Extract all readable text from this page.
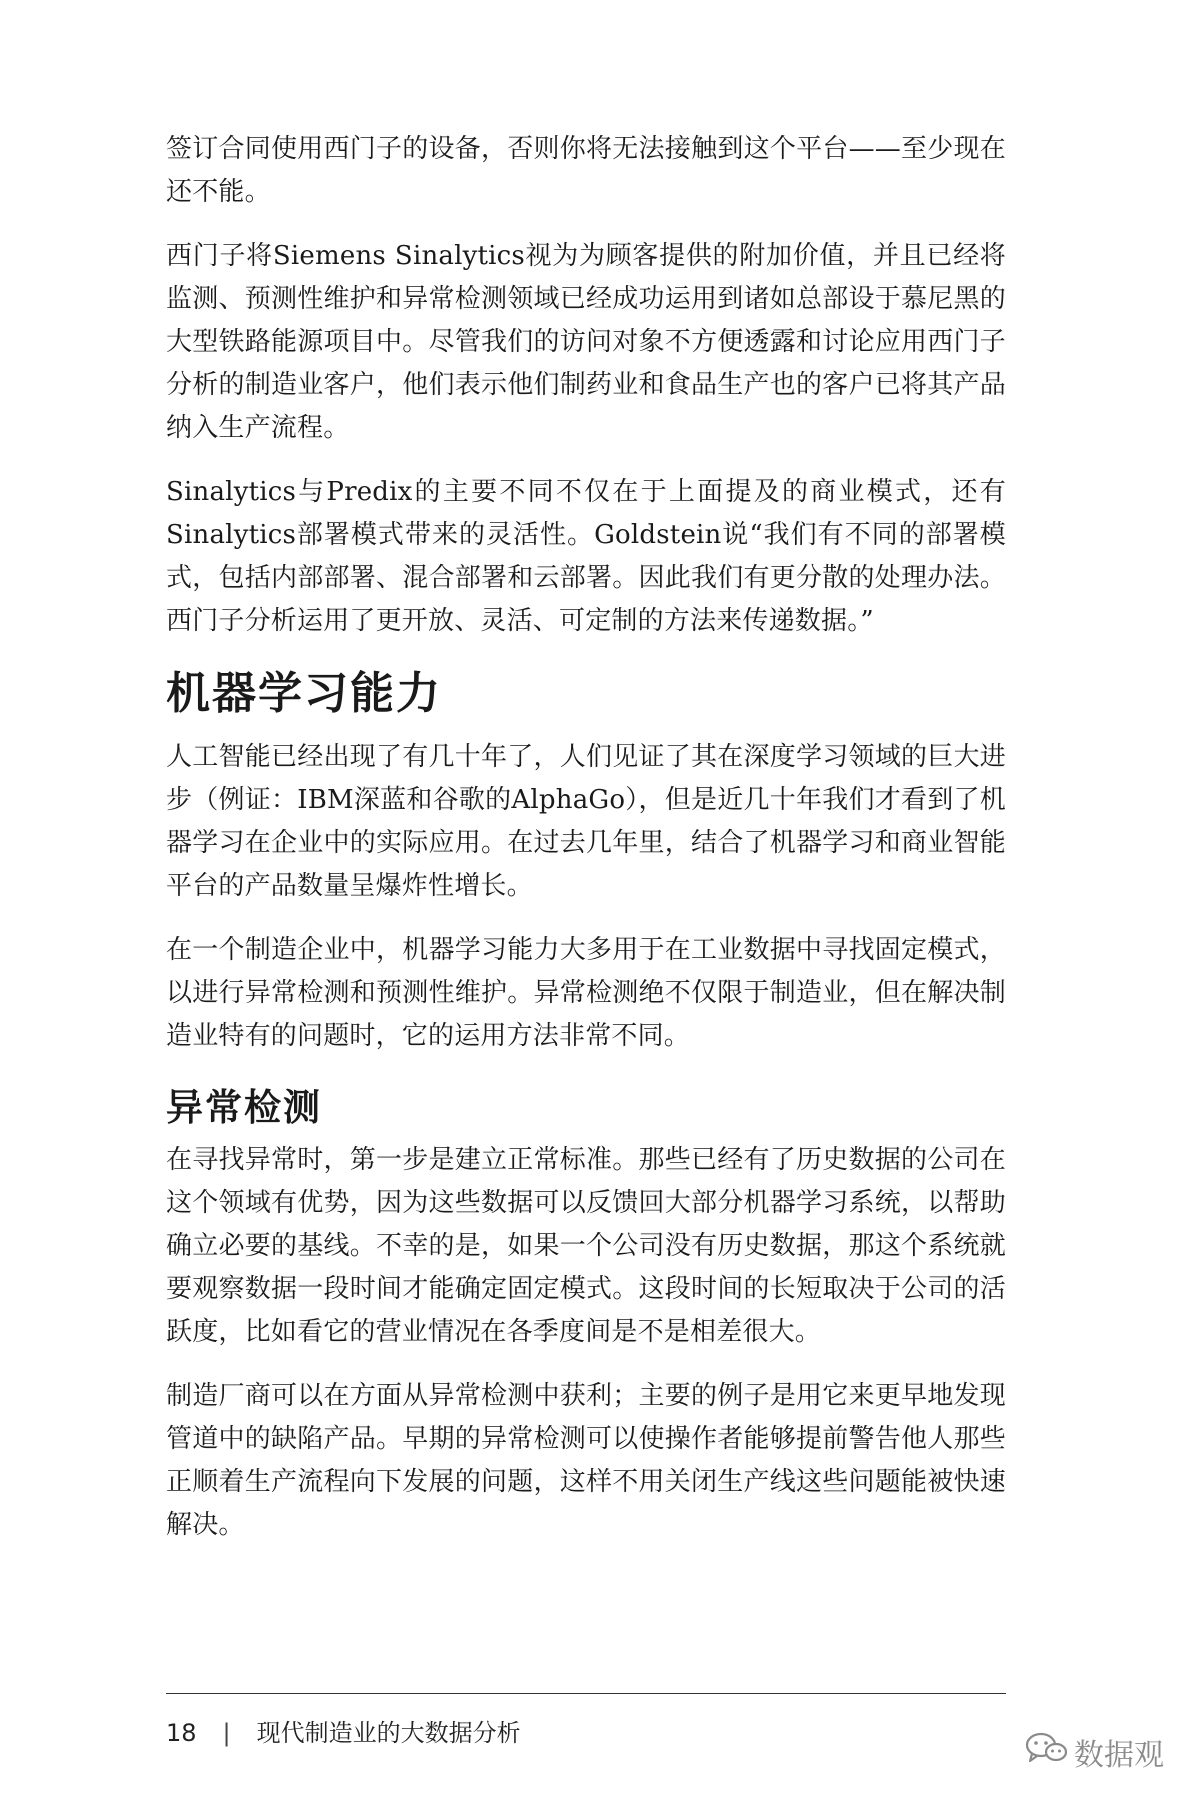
签订合同使用西门子的设备，否则你将无法接触到这个平台——至少现在还不能。

西门子将Siemens Sinalytics视为为顾客提供的附加价值，并且已经将监测、预测性维护和异常检测领域已经成功运用到诸如总部设于慕尼黑的大型铁路能源项目中。尽管我们的访问对象不方便透露和讨论应用西门子分析的制造业客户，他们表示他们制药业和食品生产也的客户已将其产品纳入生产流程。

Sinalytics与Predix的主要不同不仅在于上面提及的商业模式，还有Sinalytics部署模式带来的灵活性。Goldstein说“我们有不同的部署模式，包括内部部署、混合部署和云部署。因此我们有更分散的处理办法。西门子分析运用了更开放、灵活、可定制的方法来传递数据。”

机器学习能力

人工智能已经出现了有几十年了，人们见证了其在深度学习领域的巨大进步（例证：IBM深蓝和谷歌的AlphaGo），但是近几十年我们才看到了机器学习在企业中的实际应用。在过去几年里，结合了机器学习和商业智能平台的产品数量呈爆炸性增长。

在一个制造企业中，机器学习能力大多用于在工业数据中寻找固定模式，以进行异常检测和预测性维护。异常检测绝不仅限于制造业，但在解决制造业特有的问题时，它的运用方法非常不同。

异常检测

在寻找异常时，第一步是建立正常标准。那些已经有了历史数据的公司在这个领域有优势，因为这些数据可以反馈回大部分机器学习系统，以帮助确立必要的基线。不幸的是，如果一个公司没有历史数据，那这个系统就要观察数据一段时间才能确定固定模式。这段时间的长短取决于公司的活跃度，比如看它的营业情况在各季度间是不是相差很大。

制造厂商可以在方面从异常检测中获利；主要的例子是用它来更早地发现管道中的缺陷产品。早期的异常检测可以使操作者能够提前警告他人那些正顺着生产流程向下发展的问题，这样不用关闭生产线这些问题能被快速解决。

18 | 现代制造业的大数据分析
数据观
